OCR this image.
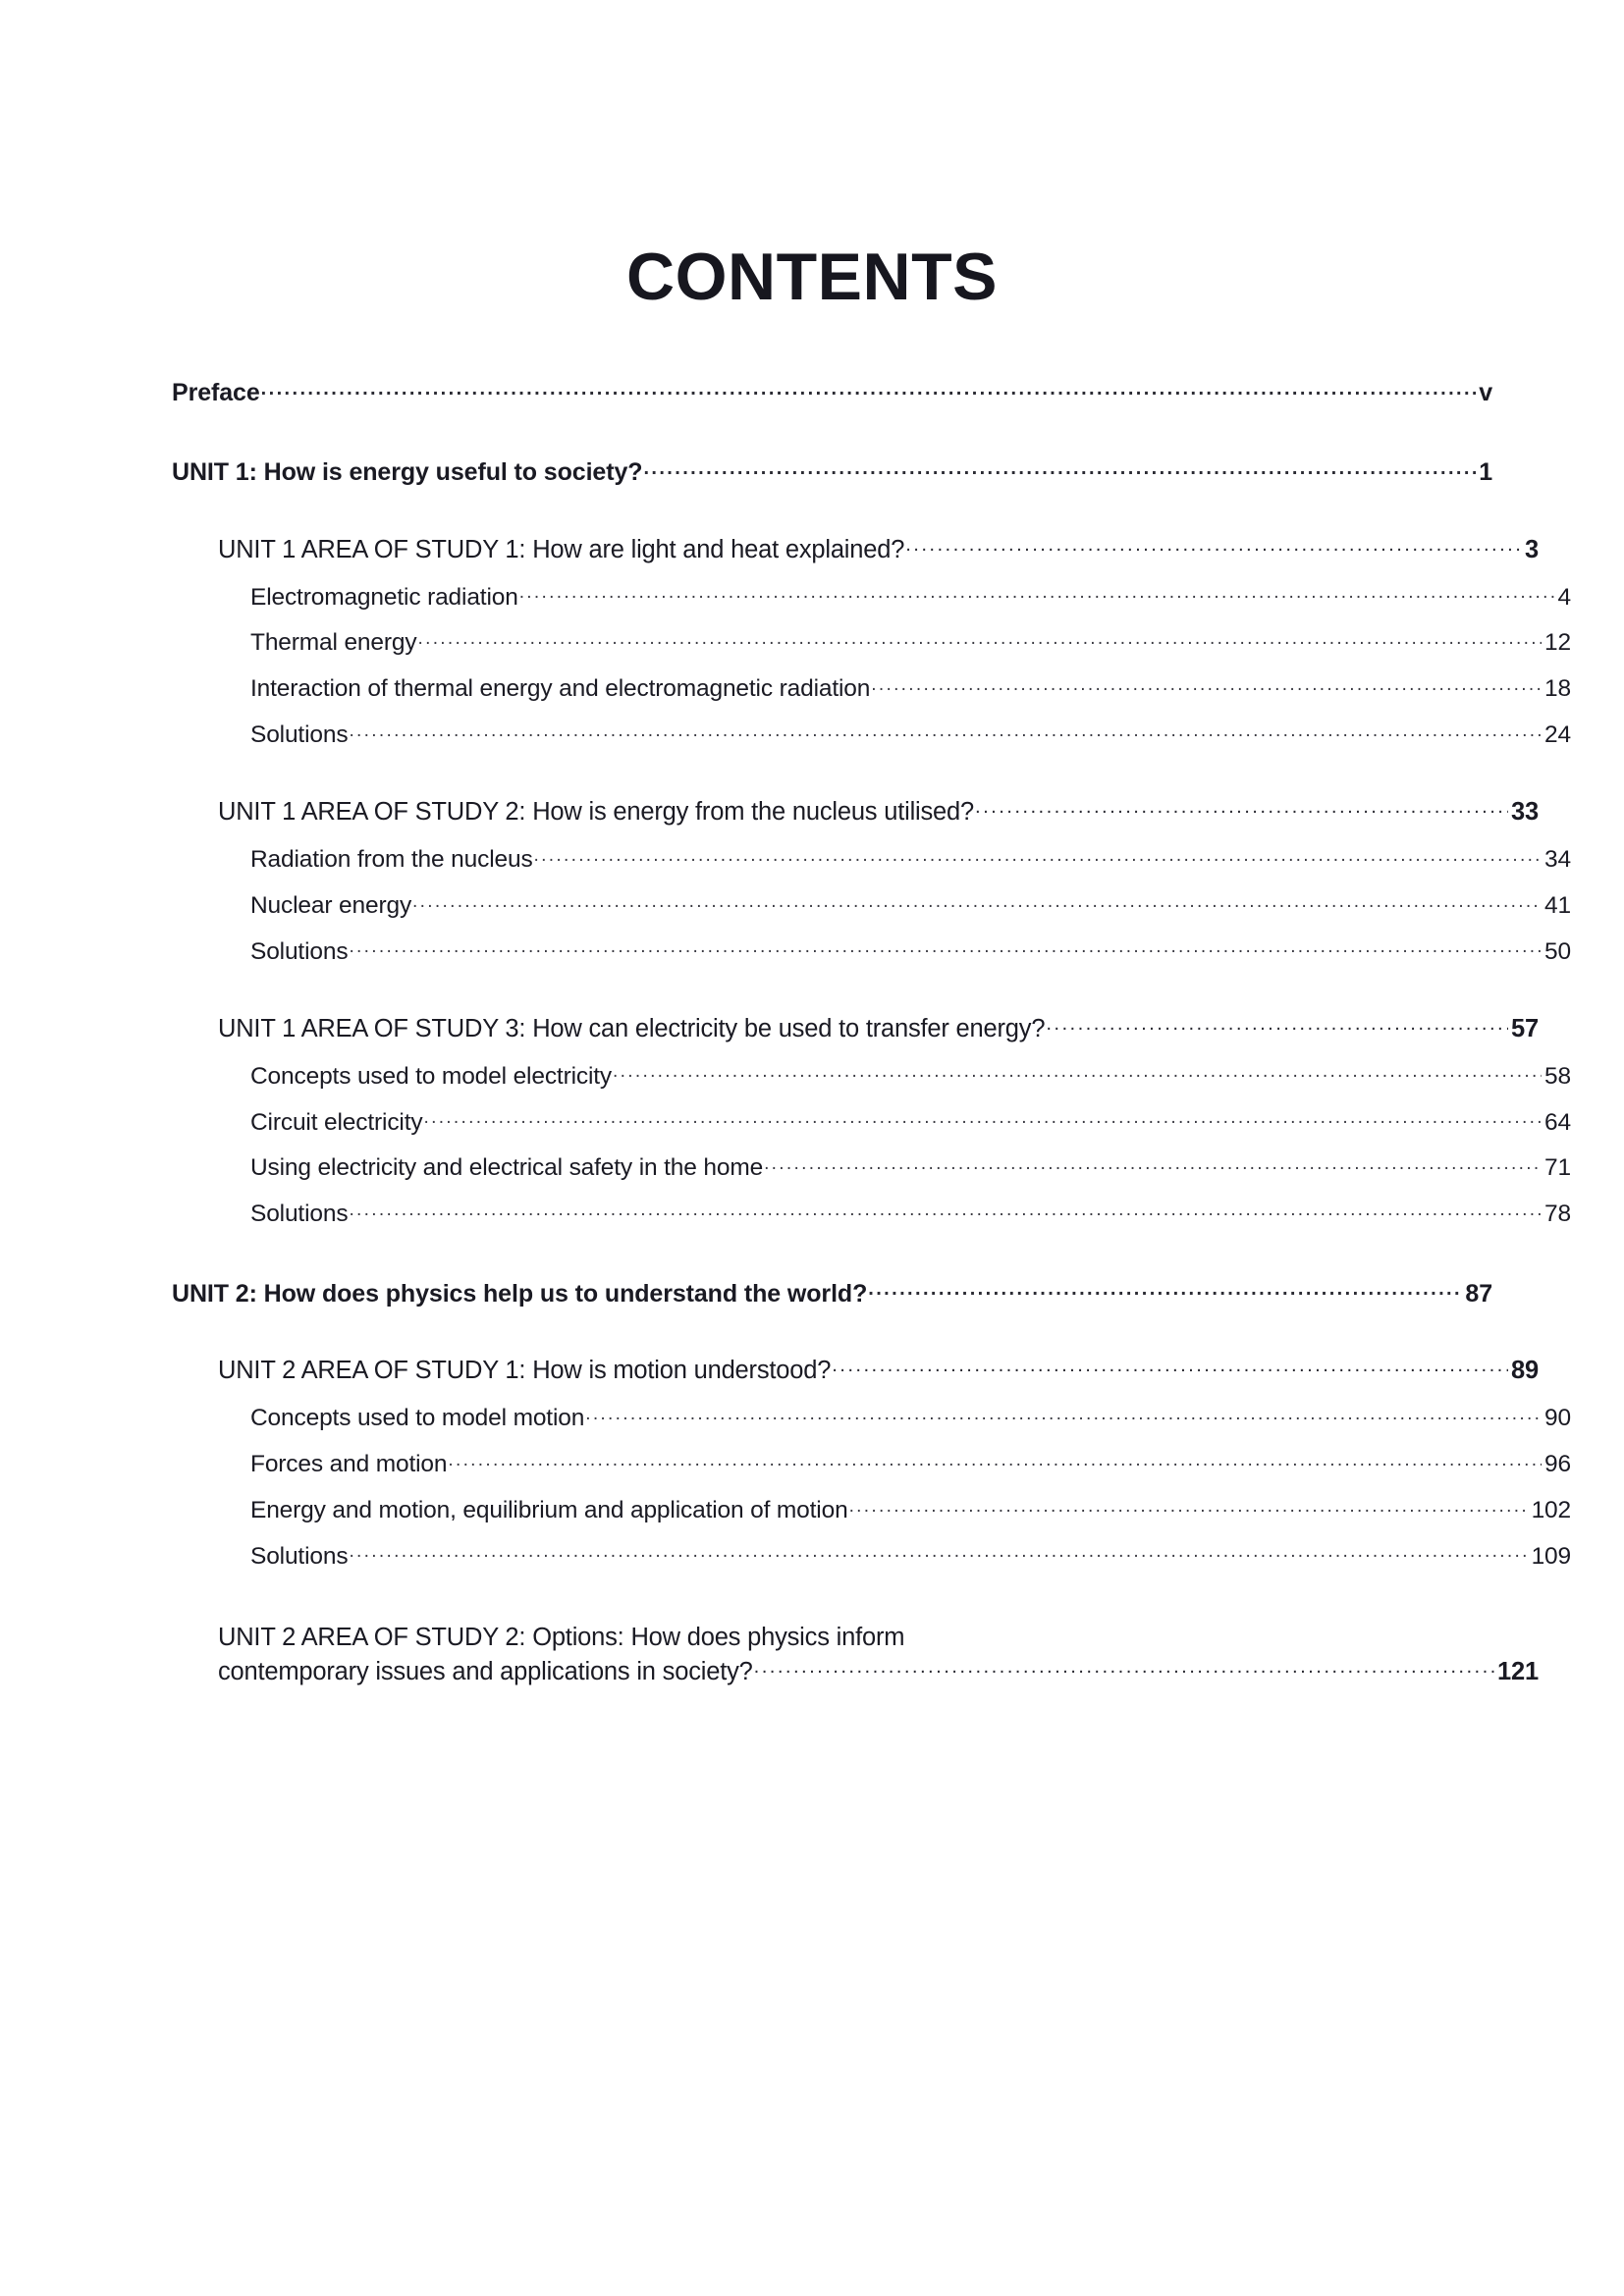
CONTENTS
Preface .....	v
UNIT 1: How is energy useful to society? .....	1
UNIT 1 AREA OF STUDY 1: How are light and heat explained? .....	3
Electromagnetic radiation .....	4
Thermal energy .....	12
Interaction of thermal energy and electromagnetic radiation .....	18
Solutions .....	24
UNIT 1 AREA OF STUDY 2: How is energy from the nucleus utilised? .....	33
Radiation from the nucleus .....	34
Nuclear energy .....	41
Solutions .....	50
UNIT 1 AREA OF STUDY 3: How can electricity be used to transfer energy? .....	57
Concepts used to model electricity .....	58
Circuit electricity .....	64
Using electricity and electrical safety in the home .....	71
Solutions .....	78
UNIT 2: How does physics help us to understand the world? .....	87
UNIT 2 AREA OF STUDY 1: How is motion understood? .....	89
Concepts used to model motion .....	90
Forces and motion .....	96
Energy and motion, equilibrium and application of motion .....	102
Solutions .....	109
UNIT 2 AREA OF STUDY 2: Options: How does physics inform
contemporary issues and applications in society? .....	121
